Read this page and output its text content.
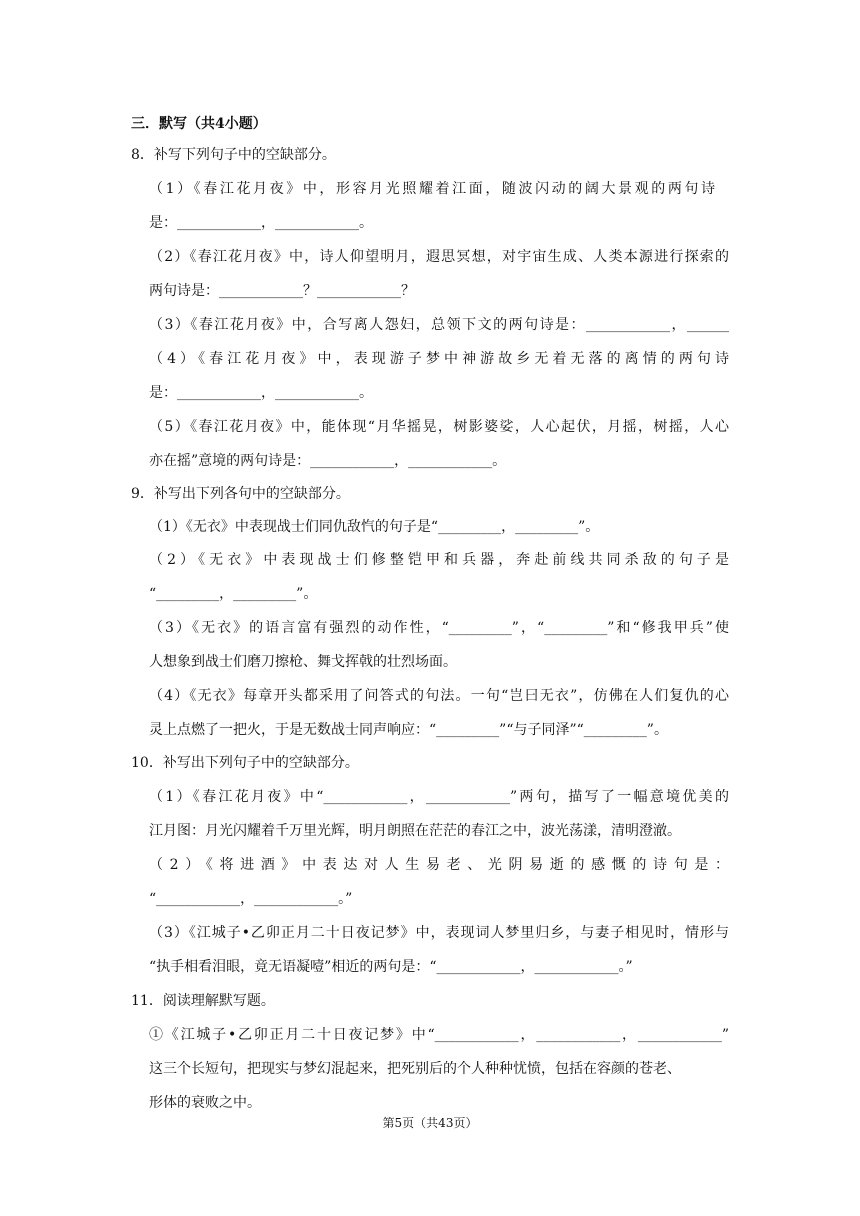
三．默写（共4小题）
8．补写下列句子中的空缺部分。
（1）《春江花月夜》中，形容月光照耀着江面，随波闪动的阔大景观的两句诗
是：____________，____________。
（2）《春江花月夜》中，诗人仰望明月，遐思冥想，对宇宙生成、人类本源进行探索的
两句诗是：____________？____________？
（3）《春江花月夜》中，合写离人怨妇，总领下文的两句诗是：____________，______
（4）《春江花月夜》中，表现游子梦中神游故乡无着无落的离情的两句诗
是：____________，____________。
（5）《春江花月夜》中，能体现“月华摇晃，树影婆娑，人心起伏，月摇，树摇，人心
亦在摇”意境的两句诗是：____________，____________。
9．补写出下列各句中的空缺部分。
（1）《无衣》中表现战士们同仇敌忾的句子是“_________，_________”。
（2）《无衣》中表现战士们修整铠甲和兵器，奔赴前线共同杀敌的句子是
“_________，_________”。
（3）《无衣》的语言富有强烈的动作性，“_________”，“_________”和“修我甲兵”使
人想象到战士们磨刀擦枪、舞戈挥戟的壮烈场面。
（4）《无衣》每章开头都采用了问答式的句法。一句“岂曰无衣”，仿佛在人们复仇的心
灵上点燃了一把火，于是无数战士同声响应：“_________”“与子同泽”“_________”。
10．补写出下列句子中的空缺部分。
（1）《春江花月夜》中“____________，____________”两句，描写了一幅意境优美的
江月图：月光闪耀着千万里光辉，明月朗照在茫茫的春江之中，波光荡漾，清明澄澈。
（2）《将进酒》中表达对人生易老、光阴易逝的感慨的诗句是：
“____________，____________。”
（3）《江城子•乙卯正月二十日夜记梦》中，表现词人梦里归乡，与妻子相见时，情形与
“执手相看泪眼，竟无语凝噎”相近的两句是：“____________，____________。”
11．阅读理解默写题。
①《江城子•乙卯正月二十日夜记梦》中“____________，____________，____________”
这三个长短句，把现实与梦幻混起来，把死别后的个人种种忧愤，包括在容颜的苍老、
形体的衰败之中。
第5页（共43页）
